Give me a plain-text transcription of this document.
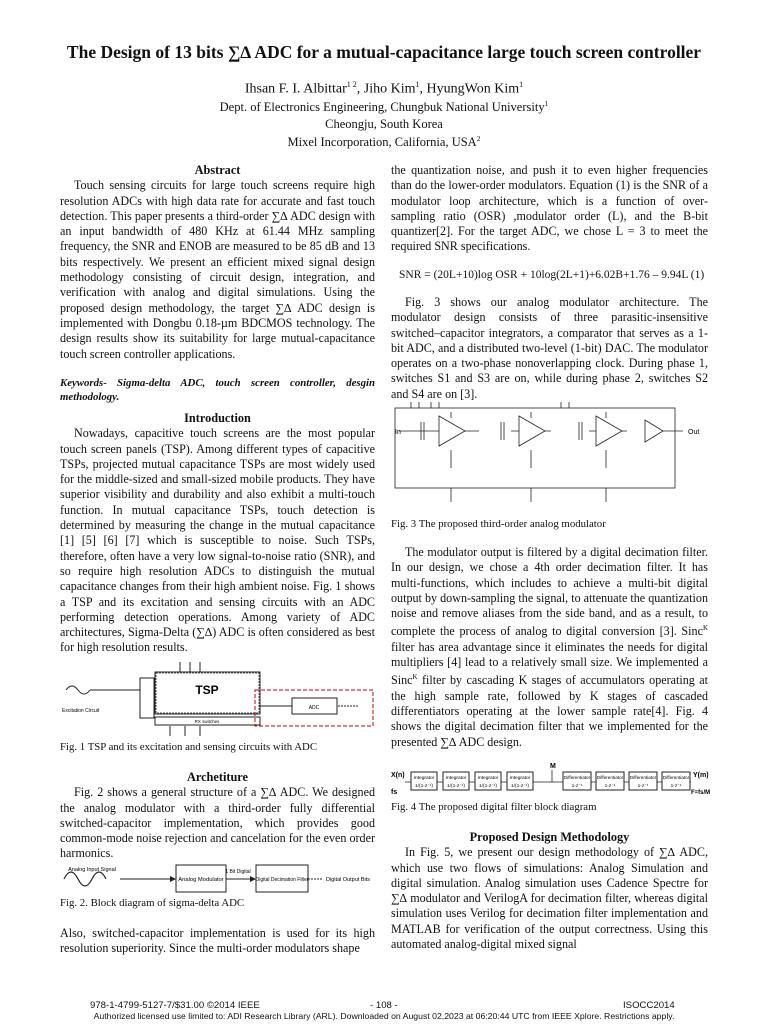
The Design of 13 bits ∑∆ ADC for a mutual-capacitance large touch screen controller
Ihsan F. I. Albittar$^{1 2}$, Jiho Kim$^1$, HyungWon Kim$^1$
Dept. of Electronics Engineering, Chungbuk National University$^1$
Cheongju, South Korea
Mixel Incorporation, California, USA$^2$

Abstract

Touch sensing circuits for large touch screens require high resolution ADCs with high data rate for accurate and fast touch detection. This paper presents a third-order ∑∆ ADC design with an input bandwidth of 480 KHz at 61.44 MHz sampling frequency, the SNR and ENOB are measured to be 85 dB and 13 bits respectively. We present an efficient mixed signal design methodology consisting of circuit design, integration, and verification with analog and digital simulations. Using the proposed design methodology, the target ∑∆ ADC design is implemented with Dongbu 0.18-µm BDCMOS technology. The design results show its suitability for large mutual-capacitance touch screen controller applications.

Keywords- Sigma-delta ADC, touch screen controller, desgin methodology.

Introduction

Nowadays, capacitive touch screens are the most popular touch screen panels (TSP). Among different types of capacitive TSPs, projected mutual capacitance TSPs are most widely used for the middle-sized and small-sized mobile products. They have superior visibility and durability and also exhibit a multi-touch function. In mutual capacitance TSPs, touch detection is determined by measuring the change in the mutual capacitance [1] [5] [6] [7] which is susceptible to noise. Such TSPs, therefore, often have a very low signal-to-noise ratio (SNR), and so require high resolution ADCs to distinguish the mutual capacitance changes from their high ambient noise. Fig. 1 shows a TSP and its excitation and sensing circuits with an ADC performing detection operations. Among variety of ADC architectures, Sigma-Delta (∑∆) ADC is often considered as best for high resolution results.

Excitation Circuit
TSP
RX switches
ADC
Fig. 1 TSP and its excitation and sensing circuits with ADC

Archetiture

Fig. 2 shows a general structure of a ∑∆ ADC. We designed the analog modulator with a third-order fully differential switched-capacitor implementation, which provides good common-mode noise rejection and cancelation for the even order harmonics.

Analog Input Signal
Analog Modulator
1 Bit Digital
Digital Decimation Filter	Digital Output Bits
Fig. 2. Block diagram of sigma-delta ADC

Also, switched-capacitor implementation is used for its high resolution superiority. Since the multi-order modulators shape

the quantization noise, and push it to even higher frequencies than do the lower-order modulators. Equation (1) is the SNR of a modulator loop architecture, which is a function of over-sampling ratio (OSR) ,modulator order (L), and the B-bit quantizer[2]. For the target ADC, we chose L = 3 to meet the required SNR specifications.

SNR = (20L+10)log OSR + 10log(2L+1)+6.02B+1.76 – 9.94L (1)

Fig. 3 shows our analog modulator architecture. The modulator design consists of three parasitic-insensitive switched–capacitor integrators, a comparator that serves as a 1-bit ADC, and a distributed two-level (1-bit) DAC. The modulator operates on a two-phase nonoverlapping clock. During phase 1, switches S1 and S3 are on, while during phase 2, switches S2 and S4 are on [3].

In	Out
Fig. 3 The proposed third-order analog modulator

The modulator output is filtered by a digital decimation filter. In our design, we chose a 4th order decimation filter. It has multi-functions, which includes to achieve a multi-bit digital output by down-sampling the signal, to attenuate the quantization noise and remove aliases from the side band, and as a result, to complete the process of analog to digital conversion [3]. Sinc$^K$ filter has area advantage since it eliminates the needs for digital multipliers [4] lead to a relatively small size. We implemented a Sinc$^K$ filter by cascading K stages of accumulators operating at the high sample rate, followed by K stages of cascaded differentiators operating at the lower sample rate[4]. Fig. 4 shows the digital decimation filter that we implemented for the presented ∑∆ ADC design.

X(n)
fs
M
Integrator
1/(1-z⁻¹)
Integrator
1/(1-z⁻¹)
Integrator
1/(1-z⁻¹)
Integrator
1/(1-z⁻¹)
Differentiator
1-z⁻¹
Differentiator
1-z⁻¹
Differentiator
1-z⁻¹
Differentiator
1-z⁻¹
Y(m)
F=fs/M
Fig. 4 The proposed digital filter block diagram

Proposed Design Methodology

In Fig. 5, we present our design methodology of ∑∆ ADC, which use two flows of simulations: Analog Simulation and digital simulation. Analog simulation uses Cadence Spectre for ∑∆ modulator and VerilogA for decimation filter, whereas digital simulation uses Verilog for decimation filter implementation and MATLAB for verification of the output correctness. Using this automated analog-digital mixed signal

978-1-4799-5127-7/$31.00 ©2014 IEEE	- 108 -	ISOCC2014
Authorized licensed use limited to: ADI Research Library (ARL). Downloaded on August 02,2023 at 06:20:44 UTC from IEEE Xplore. Restrictions apply.
